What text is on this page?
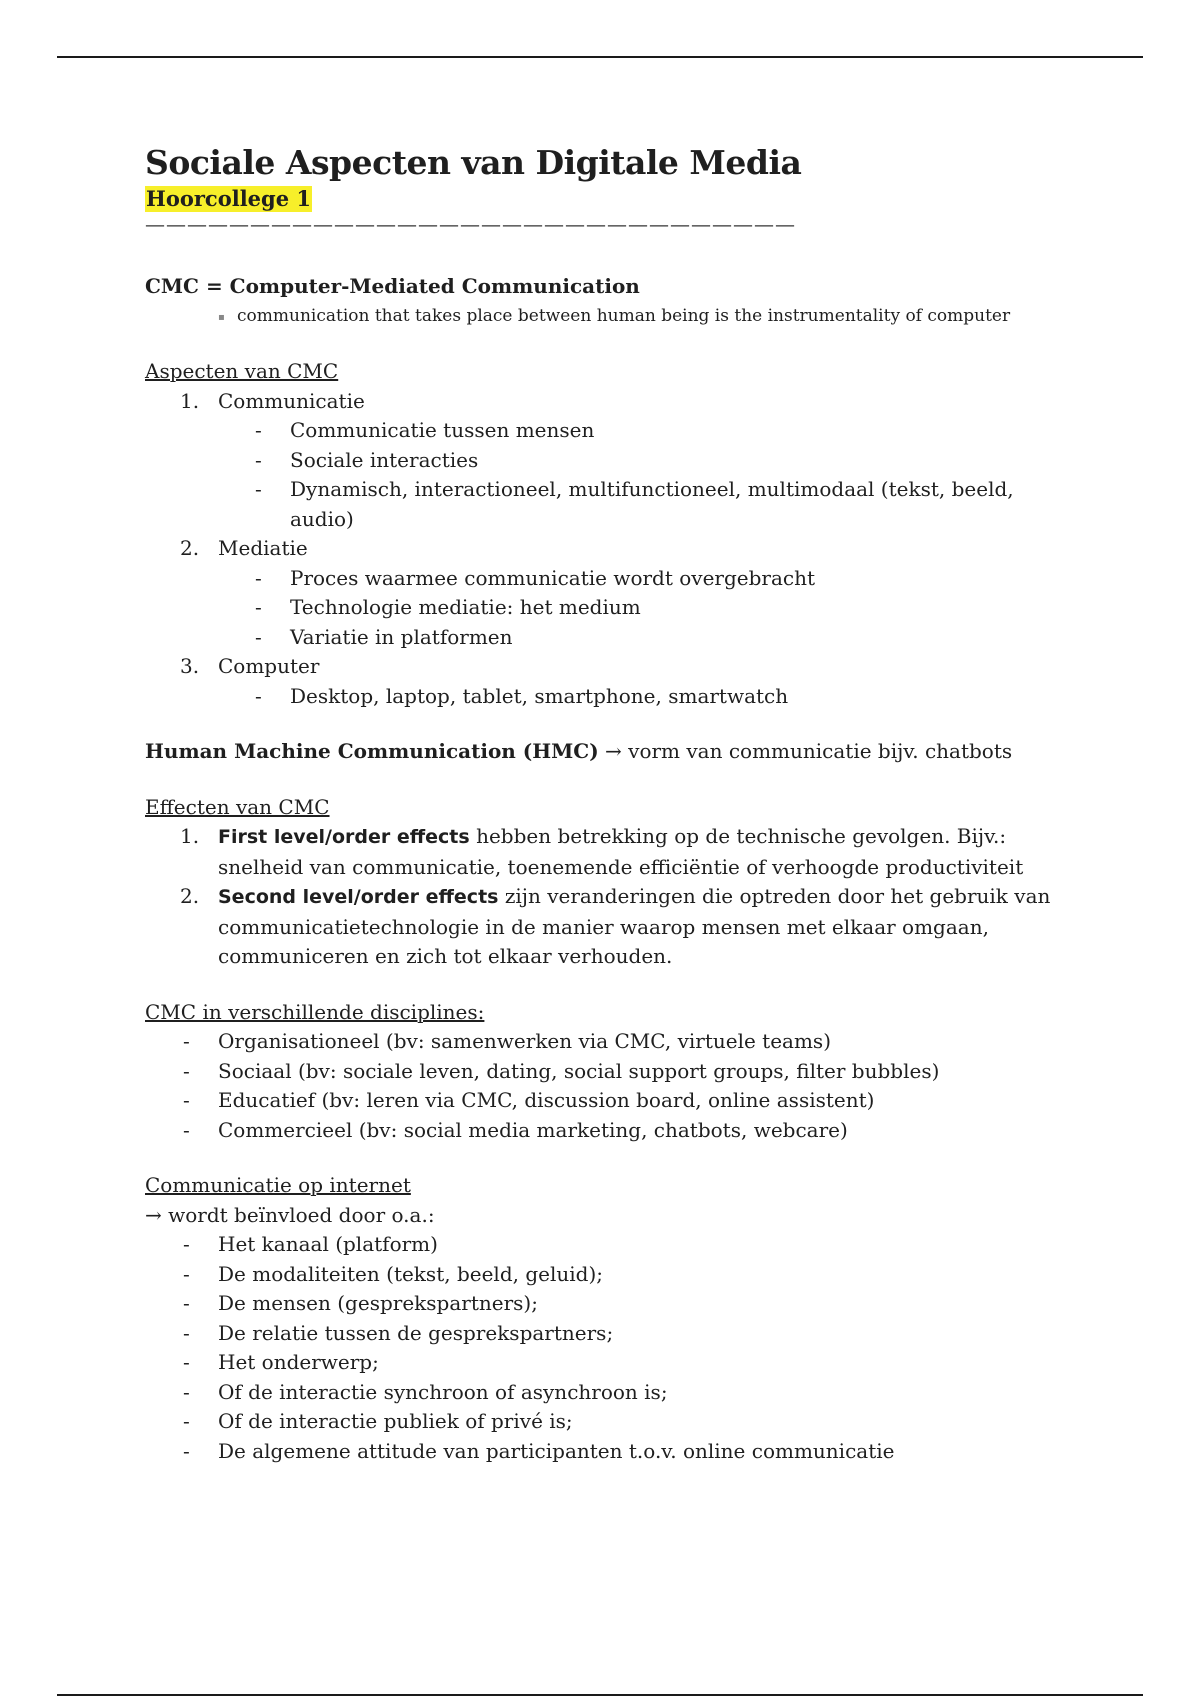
Sociale Aspecten van Digitale Media
Hoorcollege 1
———————————————————————————————

CMC = Computer-Mediated Communication

▪ communication that takes place between human being is the instrumentality of computer

Aspecten van CMC

1. Communicatie
- Communicatie tussen mensen
- Sociale interacties
- Dynamisch, interactioneel, multifunctioneel, multimodaal (tekst, beeld, audio)
2. Mediatie
- Proces waarmee communicatie wordt overgebracht
- Technologie mediatie: het medium
- Variatie in platformen
3. Computer
- Desktop, laptop, tablet, smartphone, smartwatch

Human Machine Communication (HMC) → vorm van communicatie bijv. chatbots

Effecten van CMC

1. First level/order effects hebben betrekking op de technische gevolgen. Bijv.: snelheid van communicatie, toenemende efficiëntie of verhoogde productiviteit
2. Second level/order effects zijn veranderingen die optreden door het gebruik van communicatietechnologie in de manier waarop mensen met elkaar omgaan, communiceren en zich tot elkaar verhouden.

CMC in verschillende disciplines:

- Organisationeel (bv: samenwerken via CMC, virtuele teams)
- Sociaal (bv: sociale leven, dating, social support groups, filter bubbles)
- Educatief (bv: leren via CMC, discussion board, online assistent)
- Commercieel (bv: social media marketing, chatbots, webcare)

Communicatie op internet

→ wordt beïnvloed door o.a.:

- Het kanaal (platform)
- De modaliteiten (tekst, beeld, geluid);
- De mensen (gesprekspartners);
- De relatie tussen de gesprekspartners;
- Het onderwerp;
- Of de interactie synchroon of asynchroon is;
- Of de interactie publiek of privé is;
- De algemene attitude van participanten t.o.v. online communicatie
